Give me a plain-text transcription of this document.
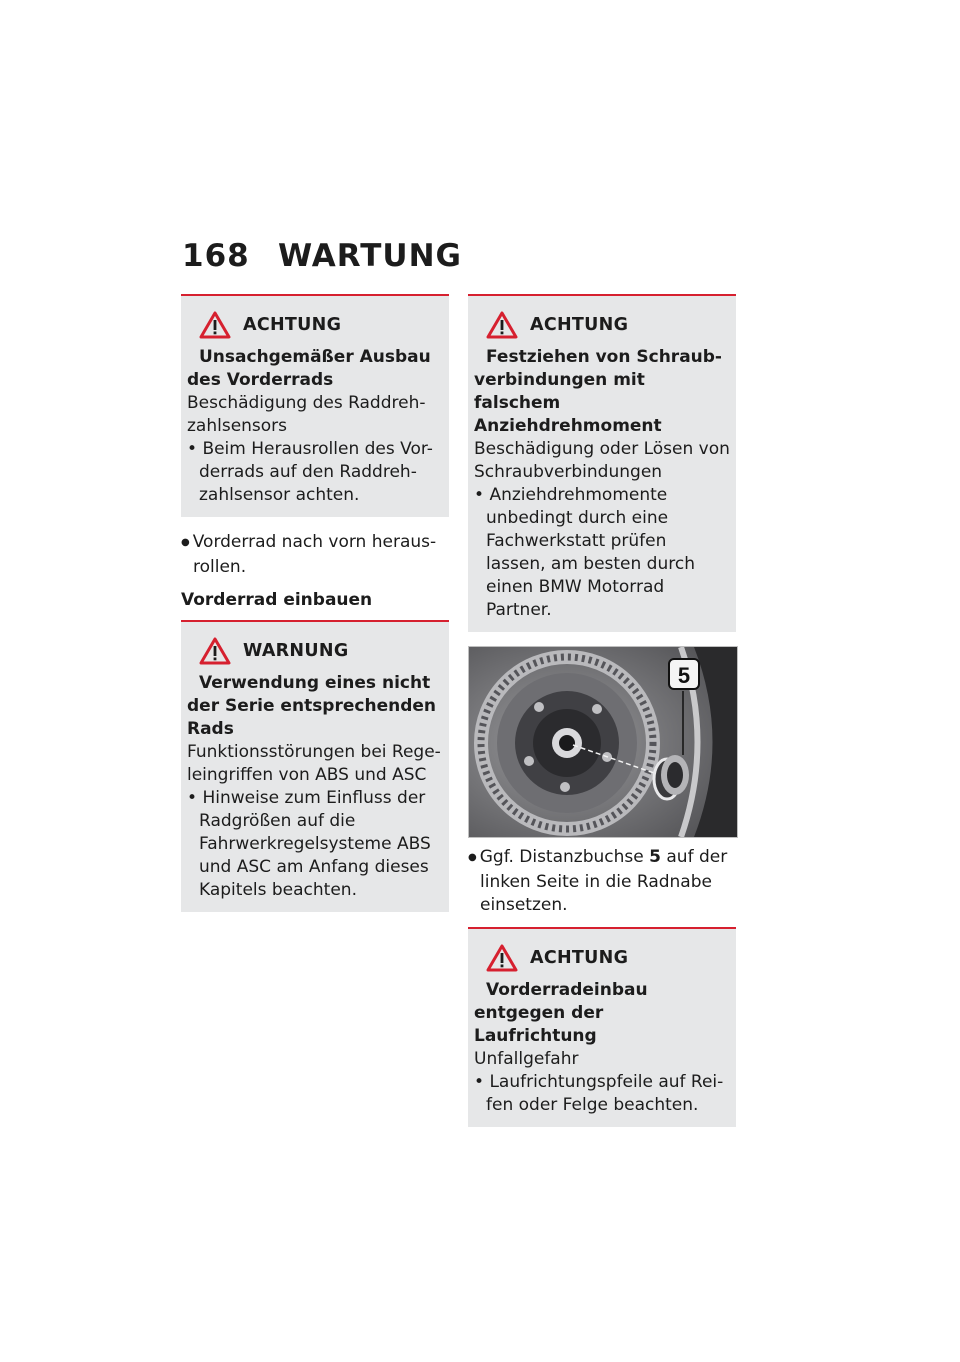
168 WARTUNG
ACHTUNG
Unsachgemäßer Ausbau des Vorderrads
Beschädigung des Raddreh-zahlsensors
• Beim Herausrollen des Vor-derrads auf den Raddreh-zahlsensor achten.
● Vorderrad nach vorn heraus-rollen.
Vorderrad einbauen
WARNUNG
Verwendung eines nicht der Serie entsprechenden Rads
Funktionsstörungen bei Rege-leingriffen von ABS und ASC
• Hinweise zum Einfluss der Radgrößen auf die Fahrwerkregelsysteme ABS und ASC am Anfang dieses Kapitels beachten.
ACHTUNG
Festziehen von Schraub-verbindungen mit falschem Anziehdrehmoment
Beschädigung oder Lösen von Schraubverbindungen
• Anziehdrehmomente unbedingt durch eine Fachwerkstatt prüfen lassen, am besten durch einen BMW Motorrad Partner.
5
● Ggf. Distanzbuchse 5 auf der linken Seite in die Radnabe einsetzen.
ACHTUNG
Vorderradeinbau entgegen der Laufrichtung
Unfallgefahr
• Laufrichtungspfeile auf Rei-fen oder Felge beachten.
